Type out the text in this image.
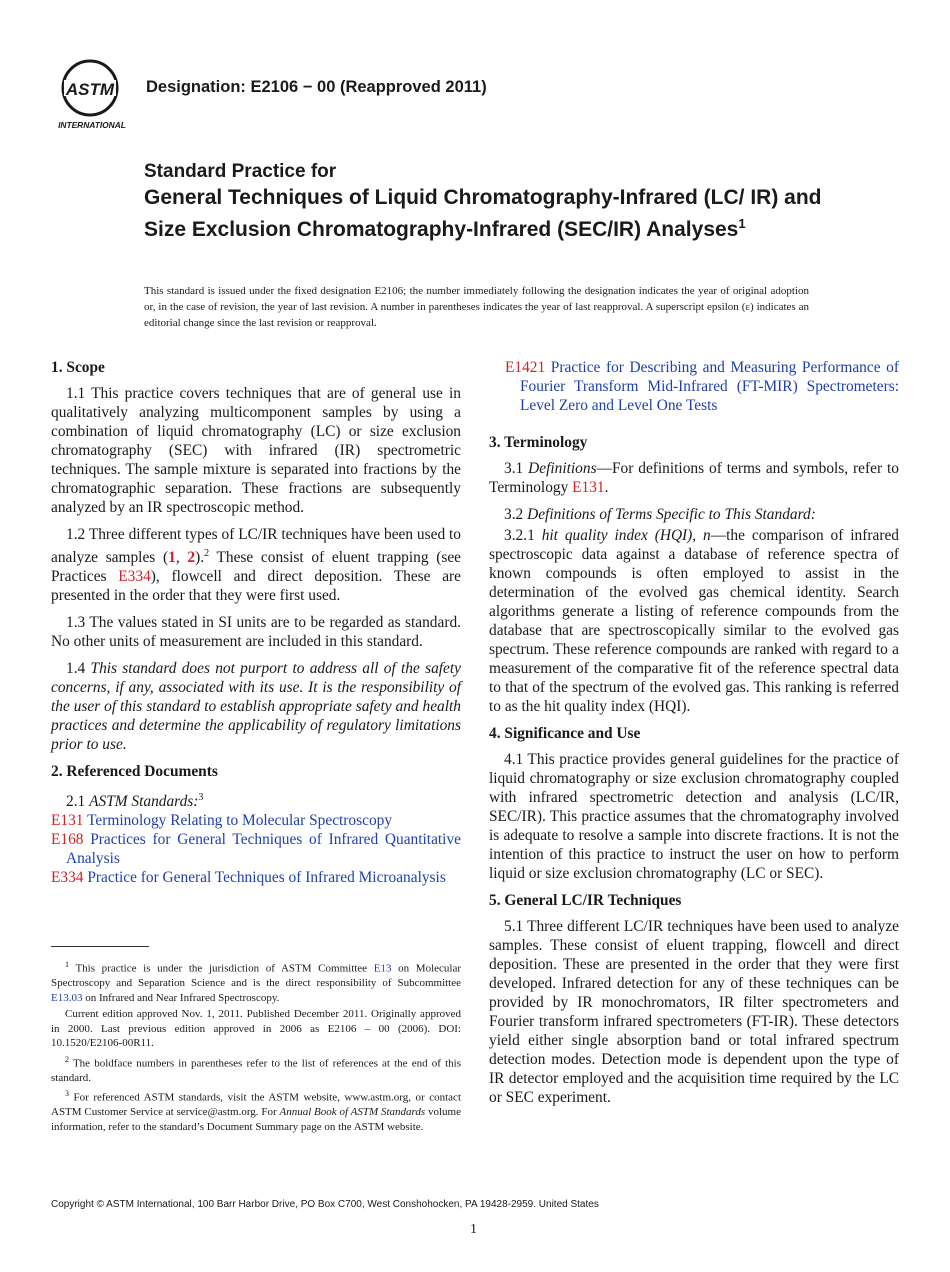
ASTM
INTERNATIONAL
Designation: E2106 − 00 (Reapproved 2011)
Standard Practice for
General Techniques of Liquid Chromatography-Infrared (LC/ IR) and Size Exclusion Chromatography-Infrared (SEC/IR) Analyses$^1$
This standard is issued under the fixed designation E2106; the number immediately following the designation indicates the year of original adoption or, in the case of revision, the year of last revision. A number in parentheses indicates the year of last reapproval. A superscript epsilon (ε) indicates an editorial change since the last revision or reapproval.
1. Scope

1.1 This practice covers techniques that are of general use in qualitatively analyzing multicomponent samples by using a combination of liquid chromatography (LC) or size exclusion chromatography (SEC) with infrared (IR) spectrometric techniques. The sample mixture is separated into fractions by the chromatographic separation. These fractions are subsequently analyzed by an IR spectroscopic method.

1.2 Three different types of LC/IR techniques have been used to analyze samples (1, 2).$^2$ These consist of eluent trapping (see Practices E334), flowcell and direct deposition. These are presented in the order that they were first used.

1.3 The values stated in SI units are to be regarded as standard. No other units of measurement are included in this standard.

1.4 This standard does not purport to address all of the safety concerns, if any, associated with its use. It is the responsibility of the user of this standard to establish appropriate safety and health practices and determine the applicability of regulatory limitations prior to use.

2. Referenced Documents

2.1 ASTM Standards:$^3$

E131 Terminology Relating to Molecular Spectroscopy

E168 Practices for General Techniques of Infrared Quantitative Analysis

E334 Practice for General Techniques of Infrared Microanalysis

E1421 Practice for Describing and Measuring Performance of Fourier Transform Mid-Infrared (FT-MIR) Spectrometers: Level Zero and Level One Tests

3. Terminology

3.1 Definitions—For definitions of terms and symbols, refer to Terminology E131.

3.2 Definitions of Terms Specific to This Standard:

3.2.1 hit quality index (HQI), n—the comparison of infrared spectroscopic data against a database of reference spectra of known compounds is often employed to assist in the determination of the evolved gas chemical identity. Search algorithms generate a listing of reference compounds from the database that are spectroscopically similar to the evolved gas spectrum. These reference compounds are ranked with regard to a measurement of the comparative fit of the reference spectral data to that of the spectrum of the evolved gas. This ranking is referred to as the hit quality index (HQI).

4. Significance and Use

4.1 This practice provides general guidelines for the practice of liquid chromatography or size exclusion chromatography coupled with infrared spectrometric detection and analysis (LC/IR, SEC/IR). This practice assumes that the chromatography involved is adequate to resolve a sample into discrete fractions. It is not the intention of this practice to instruct the user on how to perform liquid or size exclusion chromatography (LC or SEC).

5. General LC/IR Techniques

5.1 Three different LC/IR techniques have been used to analyze samples. These consist of eluent trapping, flowcell and direct deposition. These are presented in the order that they were first developed. Infrared detection for any of these techniques can be provided by IR monochromators, IR filter spectrometers and Fourier transform infrared spectrometers (FT-IR). These detectors yield either single absorption band or total infrared spectrum detection modes. Detection mode is dependent upon the type of IR detector employed and the acquisition time required by the LC or SEC experiment.

$^1$ This practice is under the jurisdiction of ASTM Committee E13 on Molecular Spectroscopy and Separation Science and is the direct responsibility of Subcommittee E13.03 on Infrared and Near Infrared Spectroscopy.

Current edition approved Nov. 1, 2011. Published December 2011. Originally approved in 2000. Last previous edition approved in 2006 as E2106 – 00 (2006). DOI: 10.1520/E2106-00R11.

$^2$ The boldface numbers in parentheses refer to the list of references at the end of this standard.

$^3$ For referenced ASTM standards, visit the ASTM website, www.astm.org, or contact ASTM Customer Service at service@astm.org. For Annual Book of ASTM Standards volume information, refer to the standard’s Document Summary page on the ASTM website.

Copyright © ASTM International, 100 Barr Harbor Drive, PO Box C700, West Conshohocken, PA 19428-2959. United States
1
